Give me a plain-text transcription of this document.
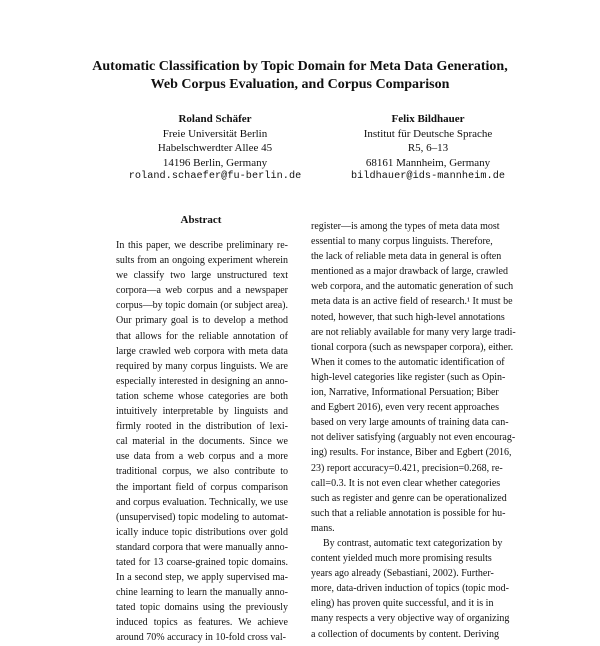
Automatic Classification by Topic Domain for Meta Data Generation,
Web Corpus Evaluation, and Corpus Comparison
Roland Schäfer
Freie Universität Berlin
Habelschwerdter Allee 45
14196 Berlin, Germany
roland.schaefer@fu-berlin.de
Felix Bildhauer
Institut für Deutsche Sprache
R5, 6–13
68161 Mannheim, Germany
bildhauer@ids-mannheim.de
Abstract
In this paper, we describe preliminary re-
sults from an ongoing experiment wherein
we classify two large unstructured text
corpora—a web corpus and a newspaper
corpus—by topic domain (or subject area).
Our primary goal is to develop a method
that allows for the reliable annotation of
large crawled web corpora with meta data
required by many corpus linguists. We are
especially interested in designing an anno-
tation scheme whose categories are both
intuitively interpretable by linguists and
firmly rooted in the distribution of lexi-
cal material in the documents. Since we
use data from a web corpus and a more
traditional corpus, we also contribute to
the important field of corpus comparison
and corpus evaluation. Technically, we use
(unsupervised) topic modeling to automat-
ically induce topic distributions over gold
standard corpora that were manually anno-
tated for 13 coarse-grained topic domains.
In a second step, we apply supervised ma-
chine learning to learn the manually anno-
tated topic domains using the previously
induced topics as features. We achieve
around 70% accuracy in 10-fold cross val-
register—is among the types of meta data most
essential to many corpus linguists. Therefore,
the lack of reliable meta data in general is often
mentioned as a major drawback of large, crawled
web corpora, and the automatic generation of such
meta data is an active field of research.¹ It must be
noted, however, that such high-level annotations
are not reliably available for many very large tradi-
tional corpora (such as newspaper corpora), either.
When it comes to the automatic identification of
high-level categories like register (such as Opin-
ion, Narrative, Informational Persuation; Biber
and Egbert 2016), even very recent approaches
based on very large amounts of training data can-
not deliver satisfying (arguably not even encourag-
ing) results. For instance, Biber and Egbert (2016,
23) report accuracy=0.421, precision=0.268, re-
call=0.3. It is not even clear whether categories
such as register and genre can be operationalized
such that a reliable annotation is possible for hu-
mans.
By contrast, automatic text categorization by
content yielded much more promising results
years ago already (Sebastiani, 2002). Further-
more, data-driven induction of topics (topic mod-
eling) has proven quite successful, and it is in
many respects a very objective way of organizing
a collection of documents by content. Deriving
